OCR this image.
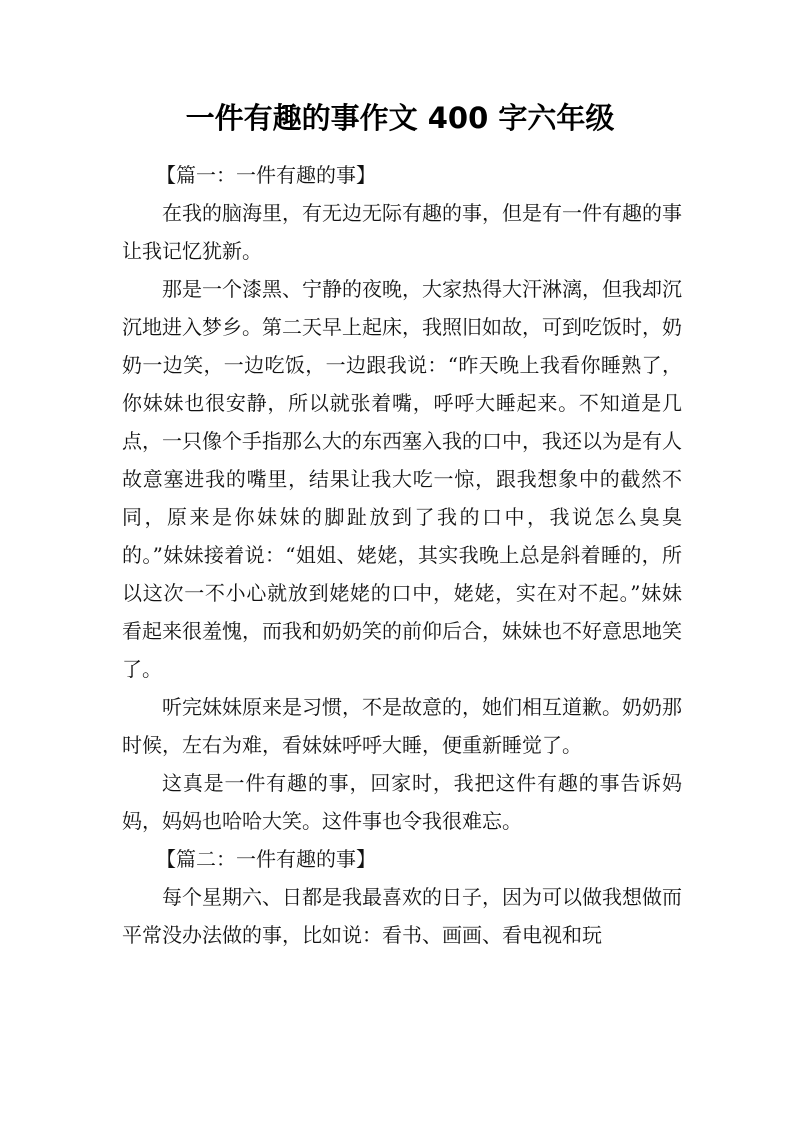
一件有趣的事作文 400 字六年级

【篇一：一件有趣的事】

在我的脑海里，有无边无际有趣的事，但是有一件有趣的事让我记忆犹新。

那是一个漆黑、宁静的夜晚，大家热得大汗淋漓，但我却沉沉地进入梦乡。第二天早上起床，我照旧如故，可到吃饭时，奶奶一边笑，一边吃饭，一边跟我说：“昨天晚上我看你睡熟了，你妹妹也很安静，所以就张着嘴，呼呼大睡起来。不知道是几点，一只像个手指那么大的东西塞入我的口中，我还以为是有人故意塞进我的嘴里，结果让我大吃一惊，跟我想象中的截然不同，原来是你妹妹的脚趾放到了我的口中，我说怎么臭臭的。”妹妹接着说：“姐姐、姥姥，其实我晚上总是斜着睡的，所以这次一不小心就放到姥姥的口中，姥姥，实在对不起。”妹妹看起来很羞愧，而我和奶奶笑的前仰后合，妹妹也不好意思地笑了。

听完妹妹原来是习惯，不是故意的，她们相互道歉。奶奶那时候，左右为难，看妹妹呼呼大睡，便重新睡觉了。

这真是一件有趣的事，回家时，我把这件有趣的事告诉妈妈，妈妈也哈哈大笑。这件事也令我很难忘。

【篇二：一件有趣的事】

每个星期六、日都是我最喜欢的日子，因为可以做我想做而平常没办法做的事，比如说：看书、画画、看电视和玩
